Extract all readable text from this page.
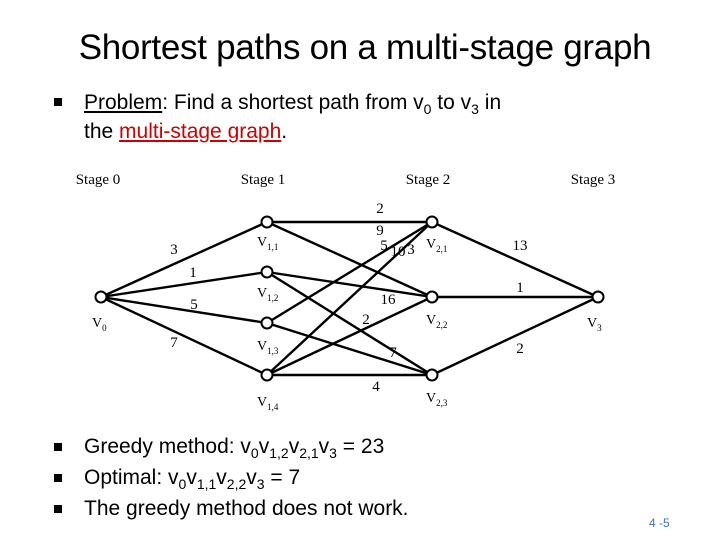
Shortest paths on a multi-stage graph
Problem: Find a shortest path from $v_0$ to $v_3$ in
the multi-stage graph.
Stage 0	Stage 1	Stage 2	Stage 3
3
1
5
7
2
3
16
9
7
5 10
4
2
13
1
2
$V_0$
$V_{1,1}$
$V_{1,2}$
$V_{1,3}$
$V_{1,4}$
$V_{2,1}$
$V_{2,2}$
$V_{2,3}$
$V_3$
Greedy method: $v_0v_{1,2}v_{2,1}v_3 = 23$
Optimal: $v_0v_{1,1}v_{2,2}v_3 = 7$
The greedy method does not work.
4 -5
